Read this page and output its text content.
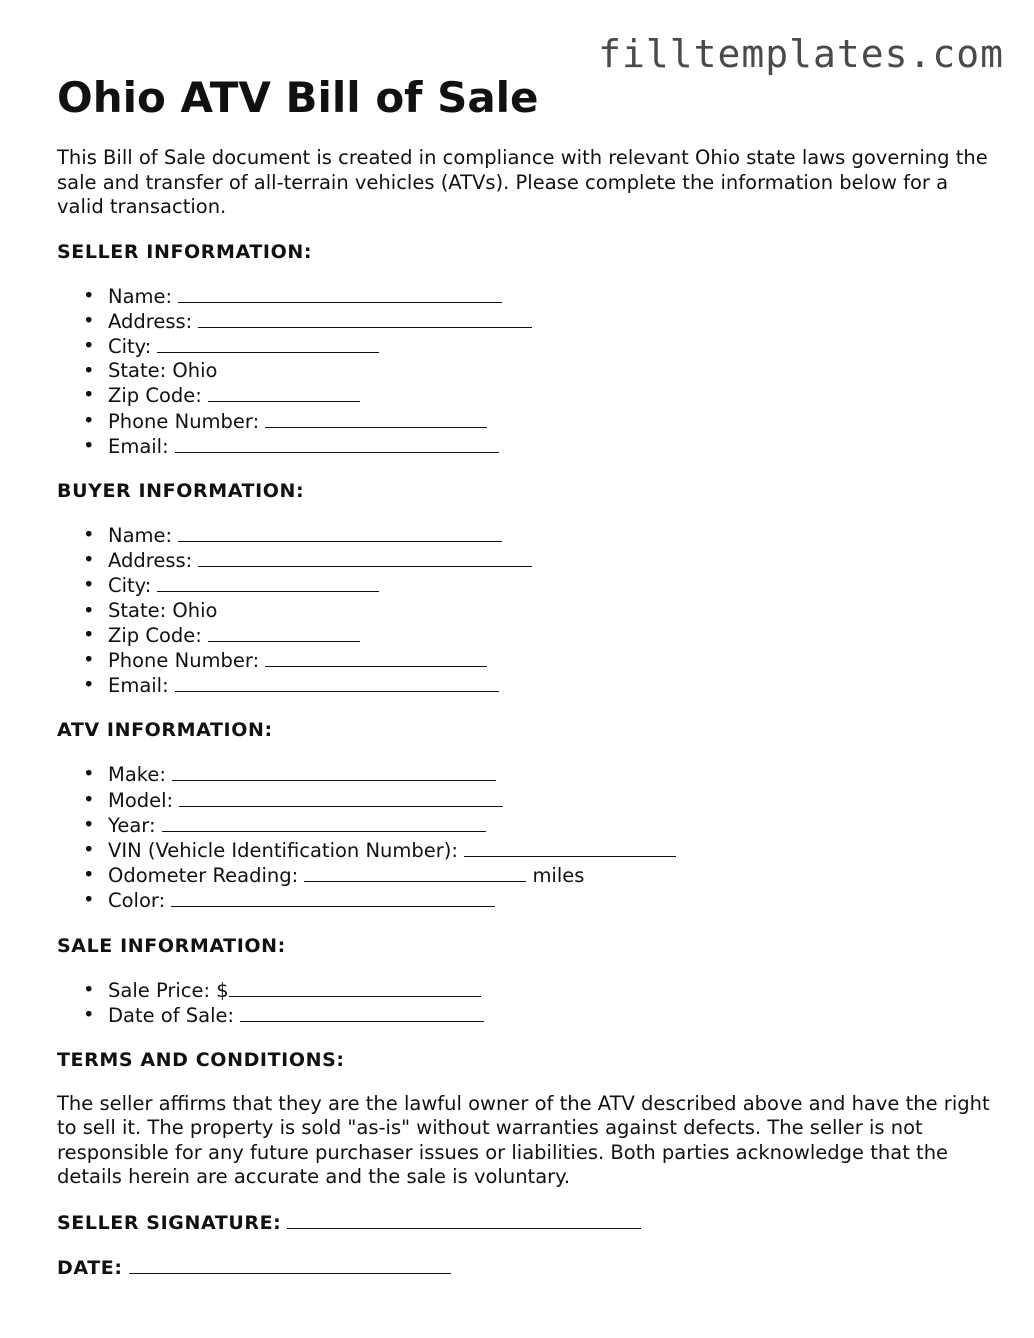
filltemplates.com
Ohio ATV Bill of Sale

This Bill of Sale document is created in compliance with relevant Ohio state laws governing the sale and transfer of all-terrain vehicles (ATVs). Please complete the information below for a valid transaction.

SELLER INFORMATION:
• Name:
• Address:
• City:
• State: Ohio
• Zip Code:
• Phone Number:
• Email:
BUYER INFORMATION:
• Name:
• Address:
• City:
• State: Ohio
• Zip Code:
• Phone Number:
• Email:
ATV INFORMATION:
• Make:
• Model:
• Year:
• VIN (Vehicle Identification Number):
• Odometer Reading:	miles
• Color:
SALE INFORMATION:
• Sale Price: $
• Date of Sale:
TERMS AND CONDITIONS:

The seller affirms that they are the lawful owner of the ATV described above and have the right to sell it. The property is sold "as-is" without warranties against defects. The seller is not responsible for any future purchaser issues or liabilities. Both parties acknowledge that the details herein are accurate and the sale is voluntary.

SELLER SIGNATURE:
DATE:
